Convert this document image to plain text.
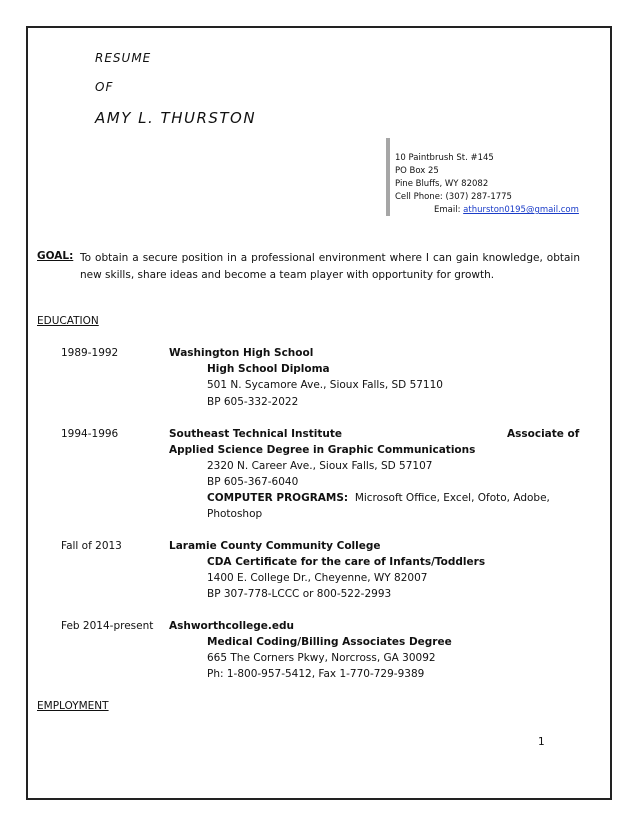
RESUME
OF
AMY L. THURSTON
10 Paintbrush St. #145
PO Box 25
Pine Bluffs, WY 82082
Cell Phone: (307) 287-1775
Email: athurston0195@gmail.com
GOAL: To obtain a secure position in a professional environment where I can gain knowledge, obtain new skills, share ideas and become a team player with opportunity for growth.
EDUCATION
1989-1992	Washington High School
High School Diploma
501 N. Sycamore Ave., Sioux Falls, SD 57110
BP 605-332-2022
1994-1996	Southeast Technical Institute	Associate of
Applied Science Degree in Graphic Communications
2320 N. Career Ave., Sioux Falls, SD 57107
BP 605-367-6040
COMPUTER PROGRAMS: Microsoft Office, Excel, Ofoto, Adobe,
Photoshop
Fall of 2013	Laramie County Community College
CDA Certificate for the care of Infants/Toddlers
1400 E. College Dr., Cheyenne, WY 82007
BP 307-778-LCCC or 800-522-2993
Feb 2014-present Ashworthcollege.edu
Medical Coding/Billing Associates Degree
665 The Corners Pkwy, Norcross, GA 30092
Ph: 1-800-957-5412, Fax 1-770-729-9389
EMPLOYMENT
1
